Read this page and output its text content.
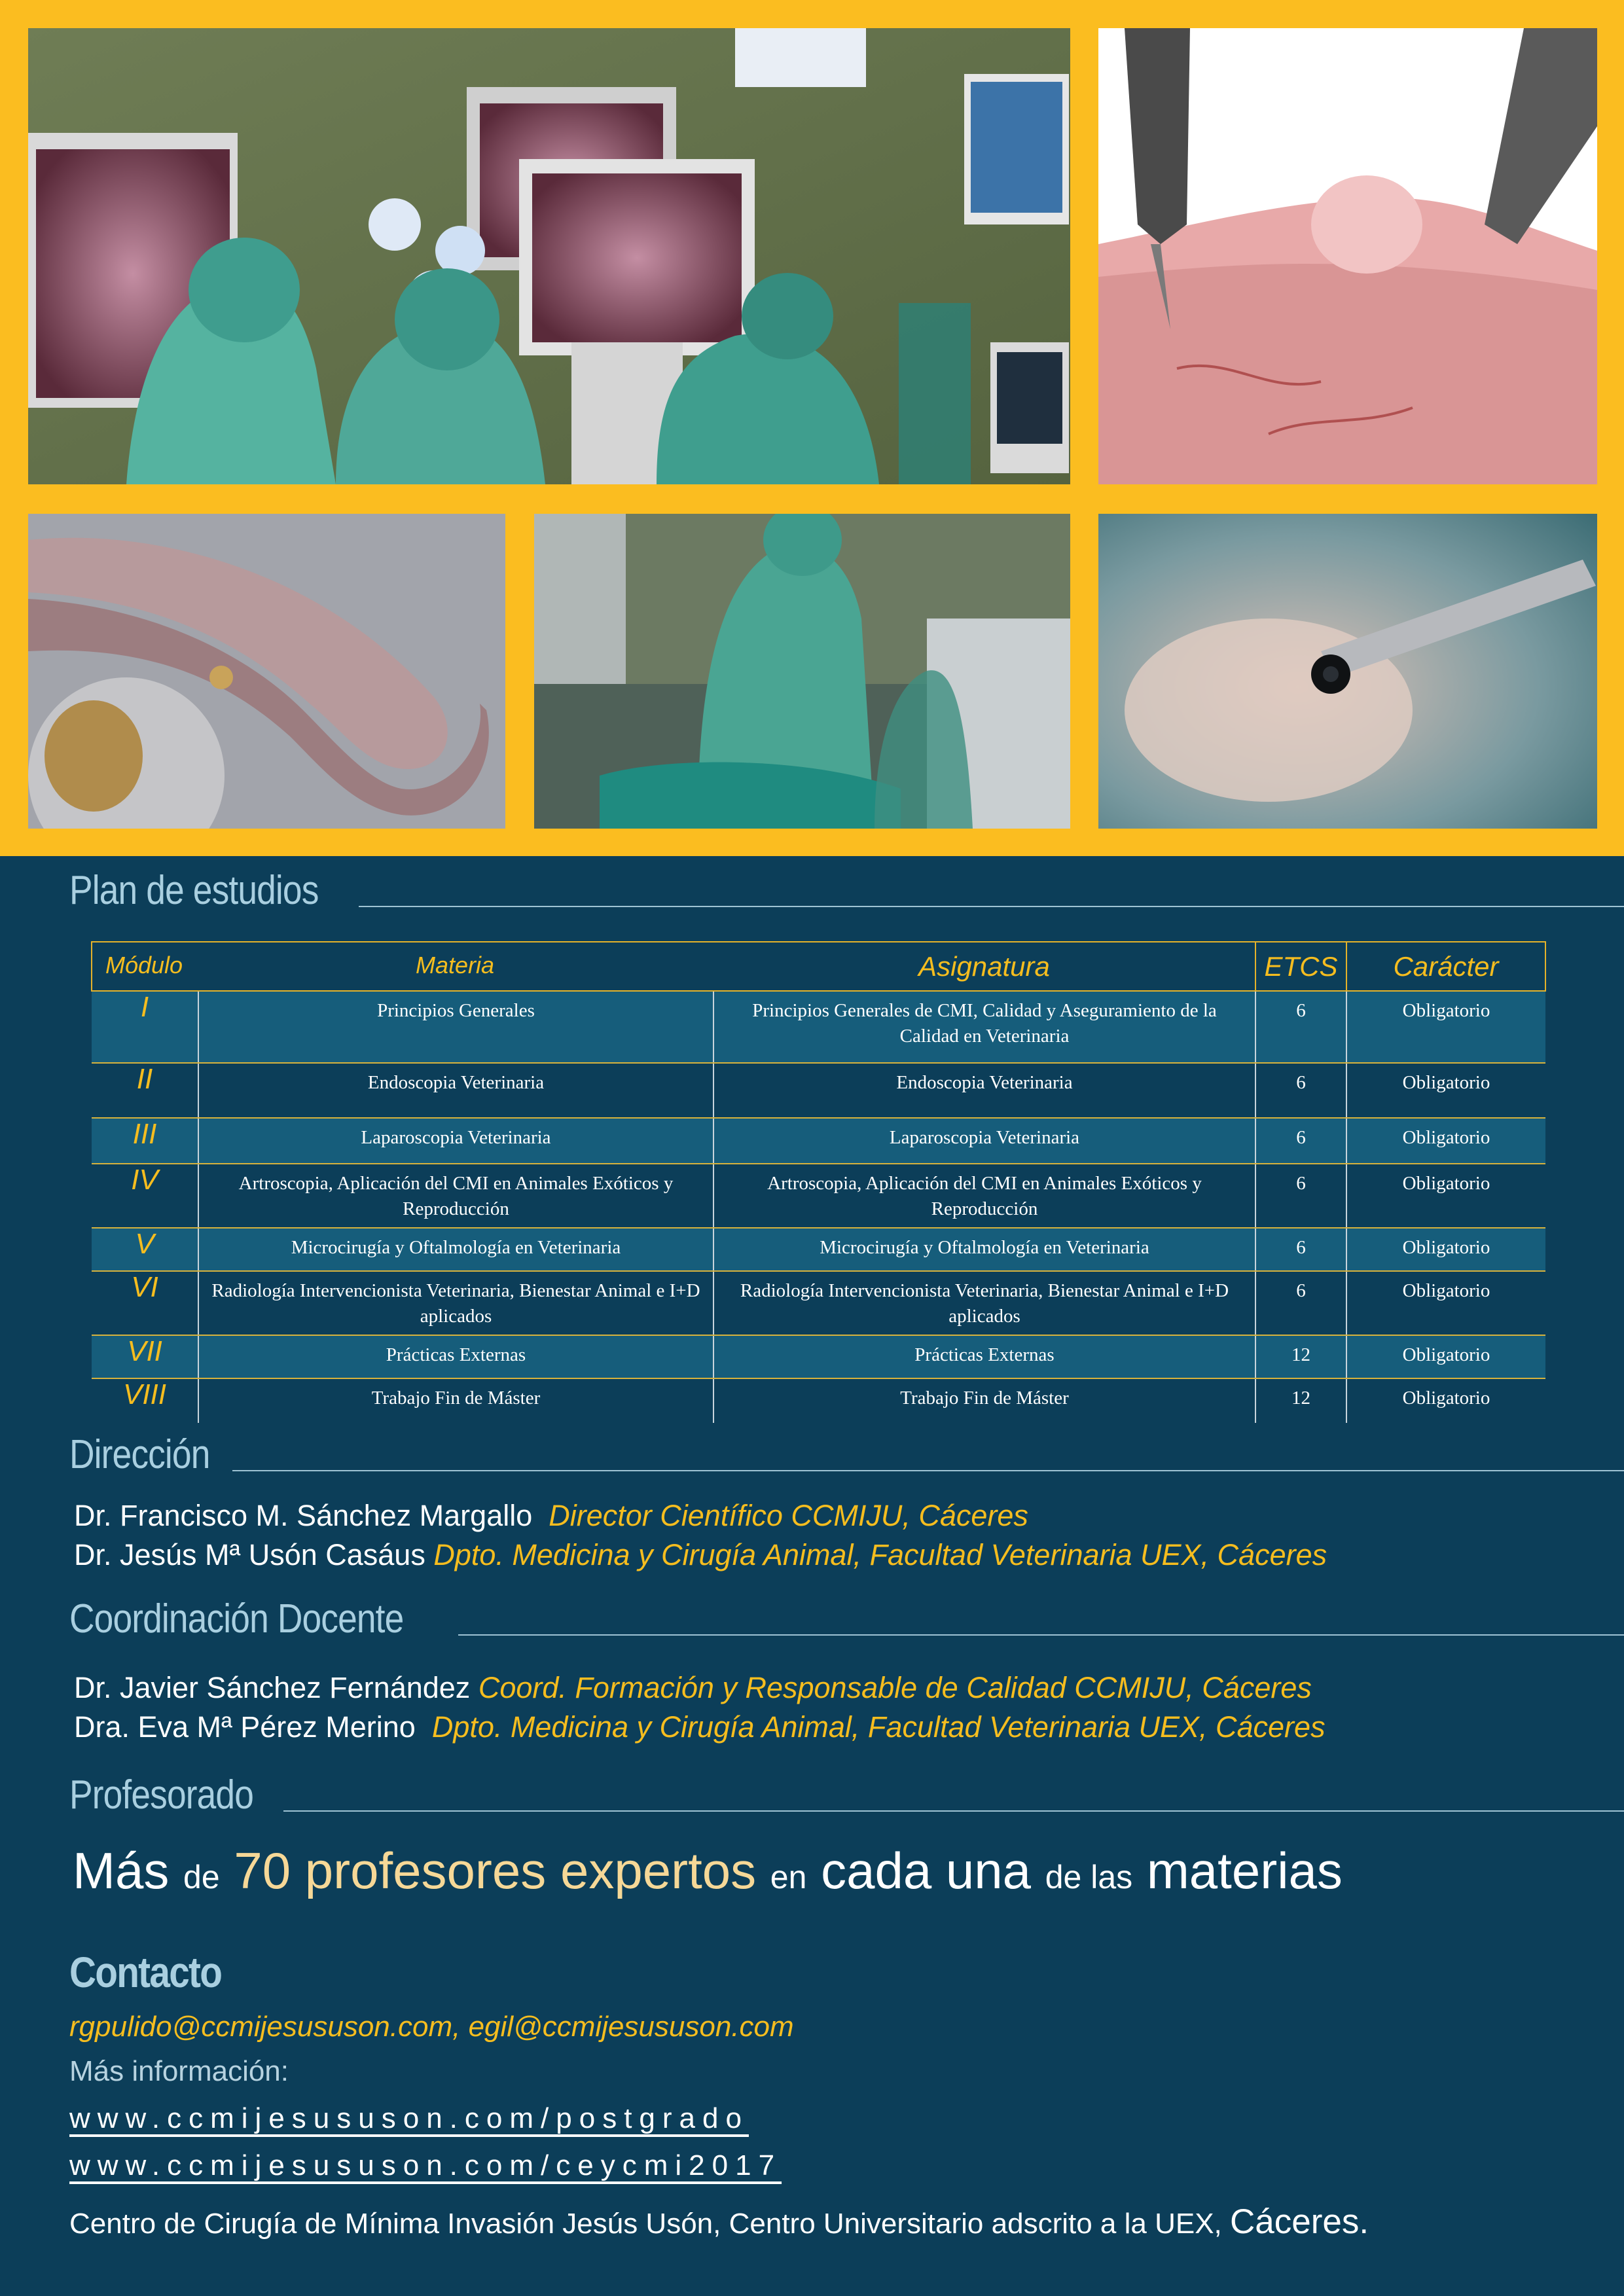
Plan de estudios
Módulo Materia		Asignatura	ETCS	Carácter
I	Principios Generales	Principios Generales de CMI, Calidad y Aseguramiento de la Calidad en Veterinaria	6	Obligatorio
II	Endoscopia Veterinaria	Endoscopia Veterinaria	6	Obligatorio
III	Laparoscopia Veterinaria	Laparoscopia Veterinaria	6	Obligatorio
IV	Artroscopia, Aplicación del CMI en Animales Exóticos y Reproducción	Artroscopia, Aplicación del CMI en Animales Exóticos y Reproducción	6	Obligatorio
V	Microcirugía y Oftalmología en Veterinaria	Microcirugía y Oftalmología en Veterinaria	6	Obligatorio
VI	Radiología Intervencionista Veterinaria, Bienestar Animal e I+D aplicados	Radiología Intervencionista Veterinaria, Bienestar Animal e I+D aplicados	6	Obligatorio
VII	Prácticas Externas	Prácticas Externas	12	Obligatorio
VIII	Trabajo Fin de Máster	Trabajo Fin de Máster	12	Obligatorio
Dirección
Dr. Francisco M. Sánchez Margallo Director Científico CCMIJU, Cáceres
Dr. Jesús Mª Usón Casáus Dpto. Medicina y Cirugía Animal, Facultad Veterinaria UEX, Cáceres
Coordinación Docente
Dr. Javier Sánchez Fernández Coord. Formación y Responsable de Calidad CCMIJU, Cáceres
Dra. Eva Mª Pérez Merino Dpto. Medicina y Cirugía Animal, Facultad Veterinaria UEX, Cáceres
Profesorado
Más de 70 profesores expertos en cada una de las materias
Contacto
rgpulido@ccmijesususon.com, egil@ccmijesususon.com
Más información:
www.ccmijesususon.com/postgrado
www.ccmijesususon.com/ceycmi2017
Centro de Cirugía de Mínima Invasión Jesús Usón, Centro Universitario adscrito a la UEX, Cáceres.
